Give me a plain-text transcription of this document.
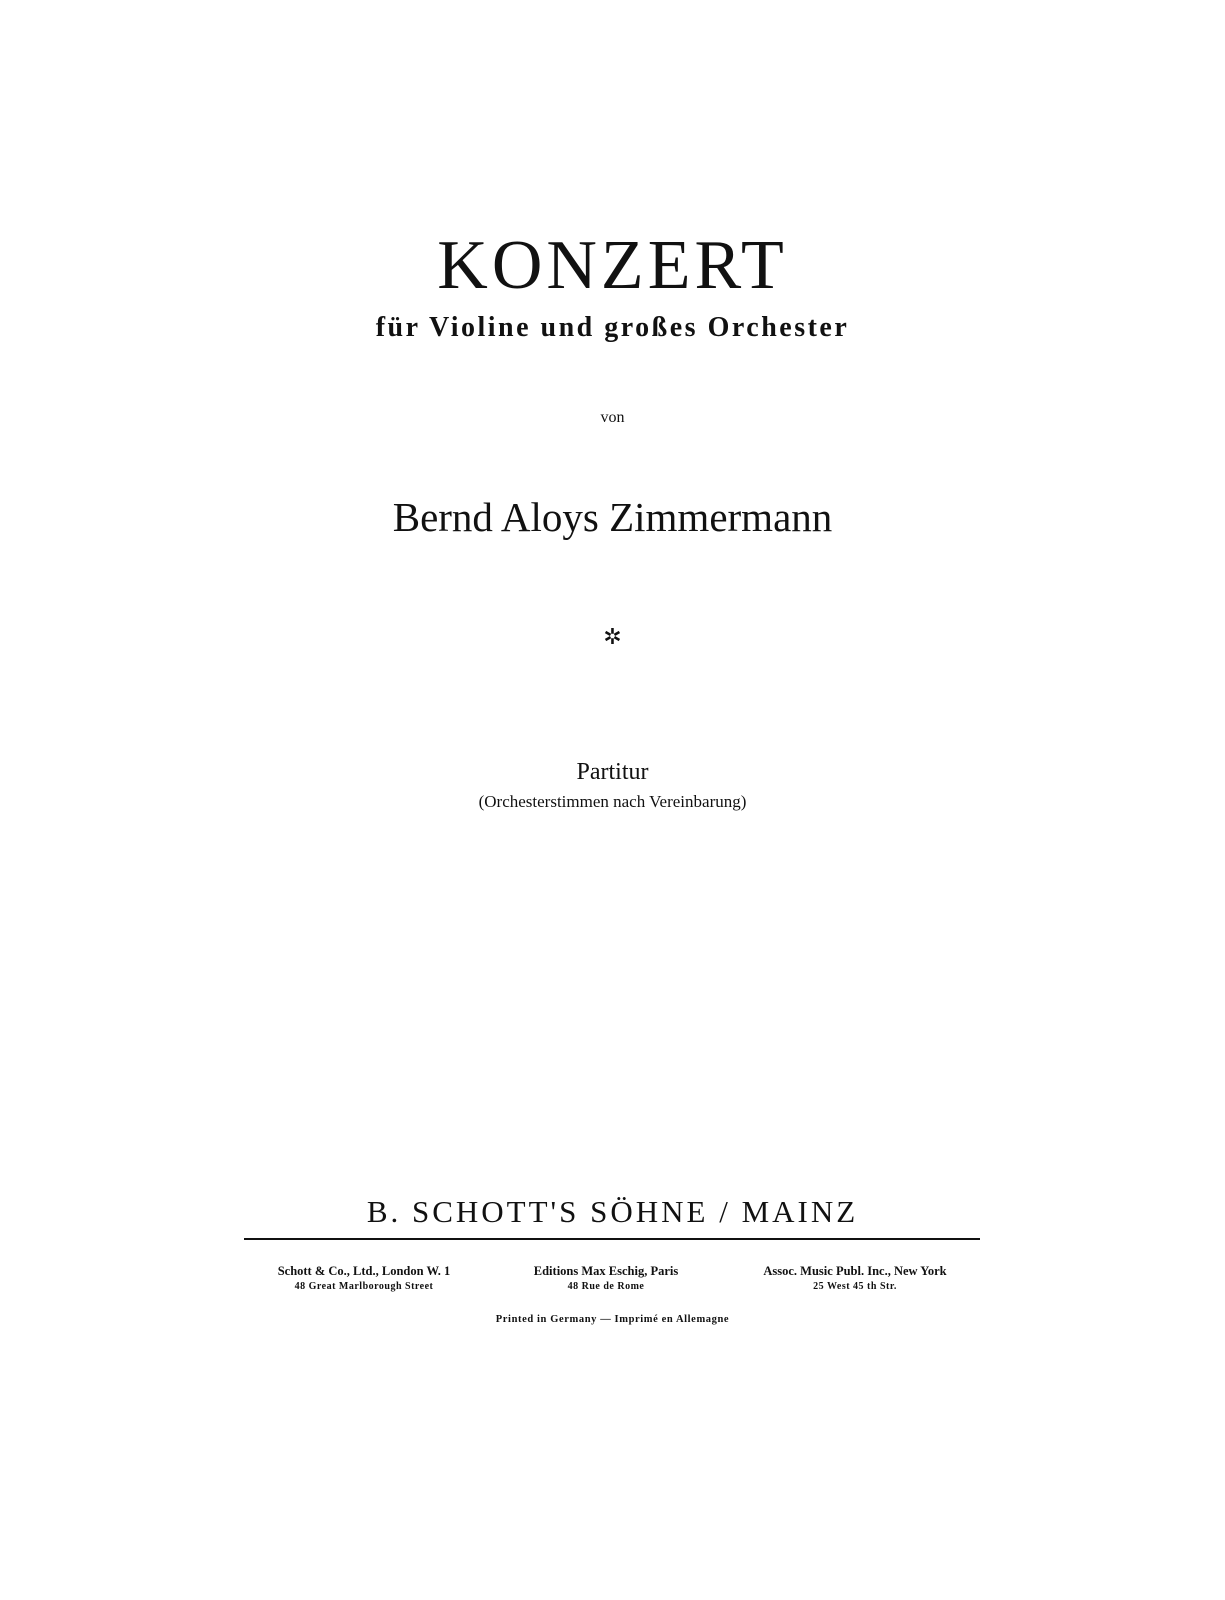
KONZERT
für Violine und großes Orchester
von
Bernd Aloys Zimmermann
✲
Partitur
(Orchesterstimmen nach Vereinbarung)
B. SCHOTT'S SÖHNE / MAINZ
Schott & Co., Ltd., London W. 1
48 Great Marlborough Street
Editions Max Eschig, Paris
48 Rue de Rome
Assoc. Music Publ. Inc., New York
25 West 45 th Str.
Printed in Germany — Imprimé en Allemagne
